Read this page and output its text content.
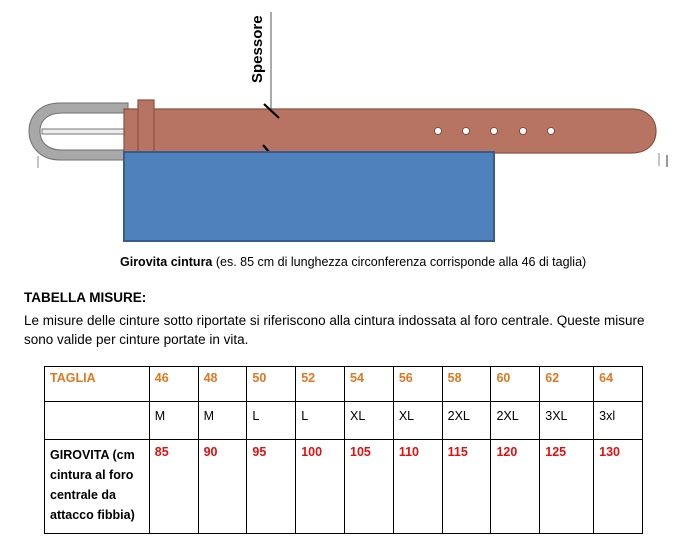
Spessore
Girovita cintura (es. 85 cm di lunghezza circonferenza corrisponde alla 46 di taglia)
TABELLA MISURE:
Le misure delle cinture sotto riportate si riferiscono alla cintura indossata al foro centrale. Queste misure sono valide per cinture portate in vita.
TAGLIA	46	48	50	52	54	56	58	60	62	64
	M	M	L	L	XL	XL	2XL	2XL	3XL	3xl
GIROVITA (cm cintura al foro centrale da attacco fibbia)	85	90	95	100	105	110	115	120	125	130
